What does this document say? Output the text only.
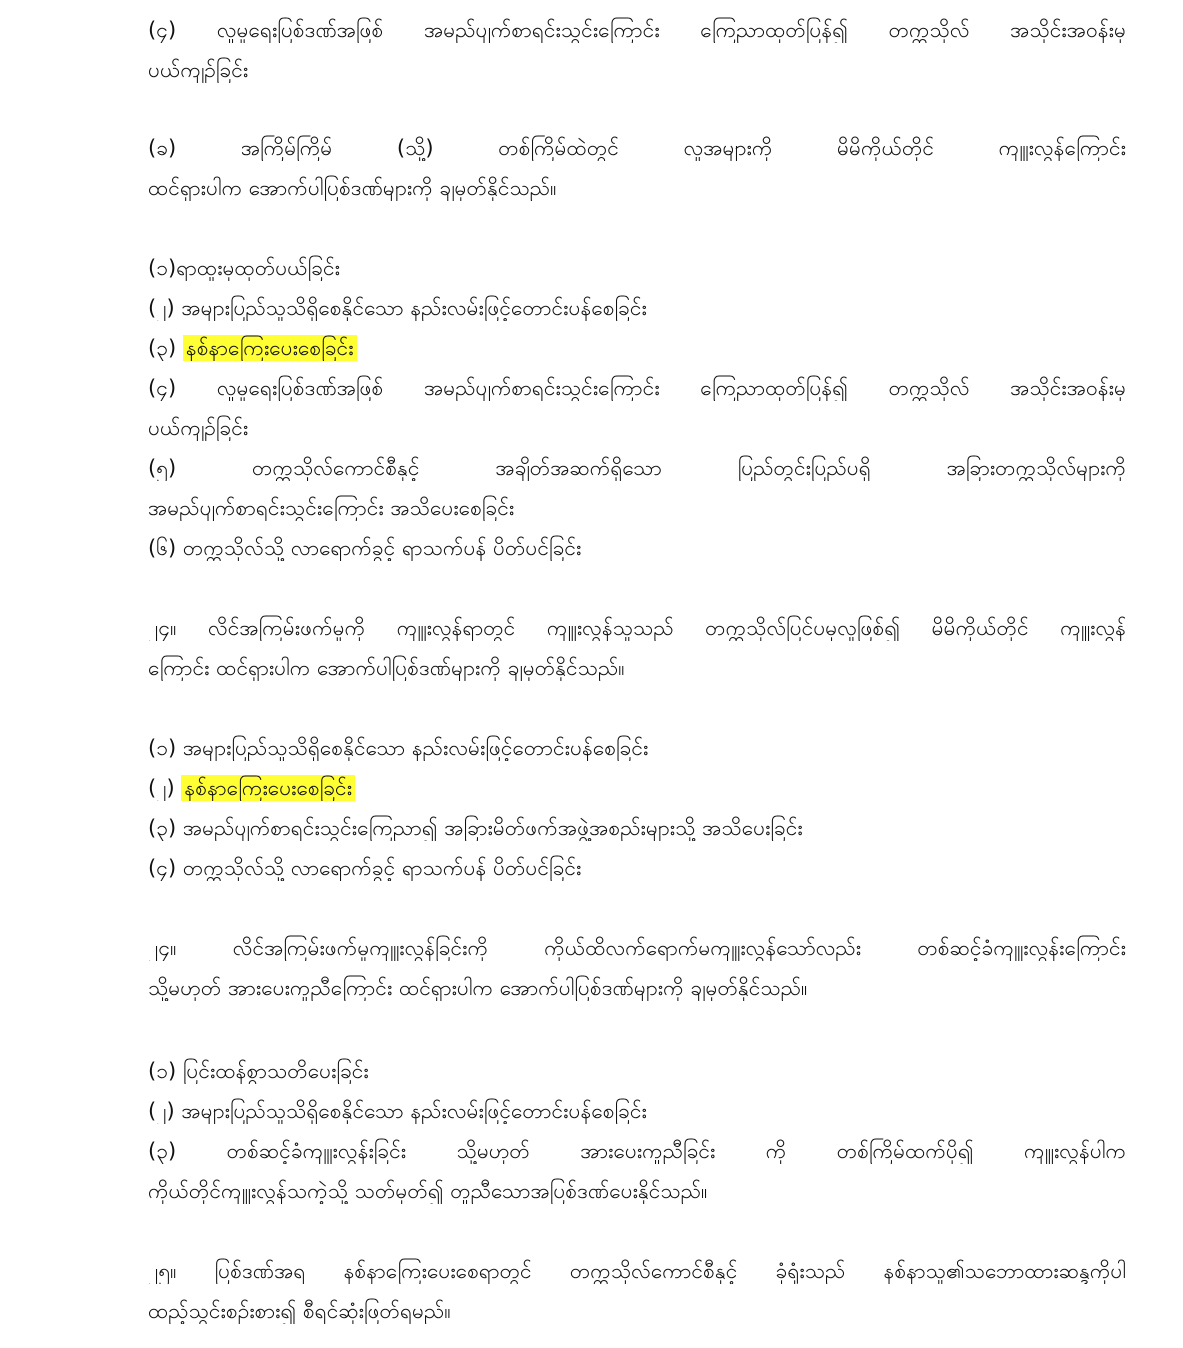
(၄) လူမှုရေးပြစ်ဒဏ်အဖြစ် အမည်ပျက်စာရင်းသွင်းကြောင်း ကြေညာထုတ်ပြန်၍ တက္ကသိုလ် အသိုင်းအဝန်းမှ
ပယ်ကျဉ်ခြင်း
(ခ) အကြိမ်ကြိမ် (သို့) တစ်ကြိမ်ထဲတွင် လူအများကို မိမိကိုယ်တိုင် ကျူးလွန်ကြောင်း
ထင်ရှားပါက အောက်ပါပြစ်ဒဏ်များကို ချမှတ်နိုင်သည်။
(၁)ရာထူးမှထုတ်ပယ်ခြင်း
(၂) အများပြည်သူသိရှိစေနိုင်သော နည်းလမ်းဖြင့်တောင်းပန်စေခြင်း
(၃) နစ်နာကြေးပေးစေခြင်း
(၄) လူမှုရေးပြစ်ဒဏ်အဖြစ် အမည်ပျက်စာရင်းသွင်းကြောင်း ကြေညာထုတ်ပြန်၍ တက္ကသိုလ် အသိုင်းအဝန်းမှ
ပယ်ကျဉ်ခြင်း
(၅) တက္ကသိုလ်ကောင်စီနှင့် အချိတ်အဆက်ရှိသော ပြည်တွင်းပြည်ပရှိ အခြားတက္ကသိုလ်များကို
အမည်ပျက်စာရင်းသွင်းကြောင်း အသိပေးစေခြင်း
(၆) တက္ကသိုလ်သို့ လာရောက်ခွင့် ရာသက်ပန် ပိတ်ပင်ခြင်း
၂၄။ လိင်အကြမ်းဖက်မှုကို ကျူးလွန်ရာတွင် ကျူးလွန်သူသည် တက္ကသိုလ်ပြင်ပမှလူဖြစ်၍ မိမိကိုယ်တိုင် ကျူးလွန်
ကြောင်း ထင်ရှားပါက အောက်ပါပြစ်ဒဏ်များကို ချမှတ်နိုင်သည်။
(၁) အများပြည်သူသိရှိစေနိုင်သော နည်းလမ်းဖြင့်တောင်းပန်စေခြင်း
(၂) နစ်နာကြေးပေးစေခြင်း
(၃) အမည်ပျက်စာရင်းသွင်းကြေညာ၍ အခြားမိတ်ဖက်အဖွဲ့အစည်းများသို့ အသိပေးခြင်း
(၄) တက္ကသိုလ်သို့ လာရောက်ခွင့် ရာသက်ပန် ပိတ်ပင်ခြင်း
၂၄။ လိင်အကြမ်းဖက်မှုကျူးလွန်ခြင်းကို ကိုယ်ထိလက်ရောက်မကျူးလွန်သော်လည်း တစ်ဆင့်ခံကျူးလွန်းကြောင်း
သို့မဟုတ် အားပေးကူညီကြောင်း ထင်ရှားပါက အောက်ပါပြစ်ဒဏ်များကို ချမှတ်နိုင်သည်။
(၁) ပြင်းထန်စွာသတိပေးခြင်း
(၂) အများပြည်သူသိရှိစေနိုင်သော နည်းလမ်းဖြင့်တောင်းပန်စေခြင်း
(၃) တစ်ဆင့်ခံကျူးလွန်းခြင်း သို့မဟုတ် အားပေးကူညီခြင်း ကို တစ်ကြိမ်ထက်ပို၍ ကျူးလွန်ပါက
ကိုယ်တိုင်ကျူးလွန်သကဲ့သို့ သတ်မှတ်၍ တူညီသောအပြစ်ဒဏ်ပေးနိုင်သည်။
၂၅။ ပြစ်ဒဏ်အရ နစ်နာကြေးပေးစေရာတွင် တက္ကသိုလ်ကောင်စီနှင့် ခုံရုံးသည် နစ်နာသူ၏သဘောထားဆန္ဒကိုပါ
ထည့်သွင်းစဥ်းစား၍ စီရင်ဆုံးဖြတ်ရမည်။
